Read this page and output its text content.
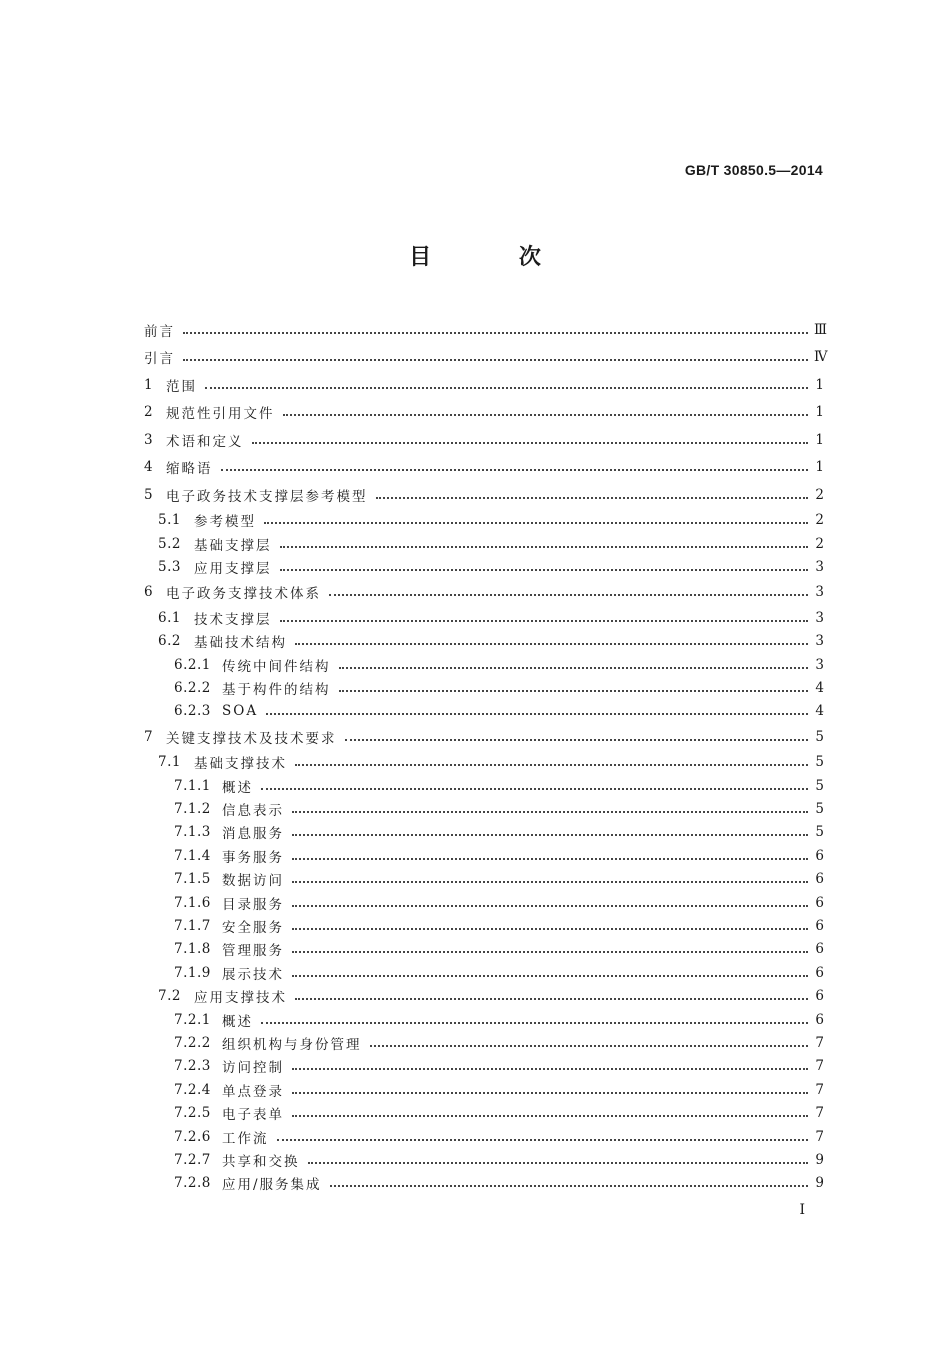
GB/T 30850.5—2014
目 次
前言	Ⅲ
引言	Ⅳ
1 范围	1
2 规范性引用文件	1
3 术语和定义	1
4 缩略语	1
5 电子政务技术支撑层参考模型	2
5.1 参考模型	2
5.2 基础支撑层	2
5.3 应用支撑层	3
6 电子政务支撑技术体系	3
6.1 技术支撑层	3
6.2 基础技术结构	3
6.2.1 传统中间件结构	3
6.2.2 基于构件的结构	4
6.2.3 SOA	4
7 关键支撑技术及技术要求	5
7.1 基础支撑技术	5
7.1.1 概述	5
7.1.2 信息表示	5
7.1.3 消息服务	5
7.1.4 事务服务	6
7.1.5 数据访问	6
7.1.6 目录服务	6
7.1.7 安全服务	6
7.1.8 管理服务	6
7.1.9 展示技术	6
7.2 应用支撑技术	6
7.2.1 概述	6
7.2.2 组织机构与身份管理	7
7.2.3 访问控制	7
7.2.4 单点登录	7
7.2.5 电子表单	7
7.2.6 工作流	7
7.2.7 共享和交换	9
7.2.8 应用/服务集成	9
I
